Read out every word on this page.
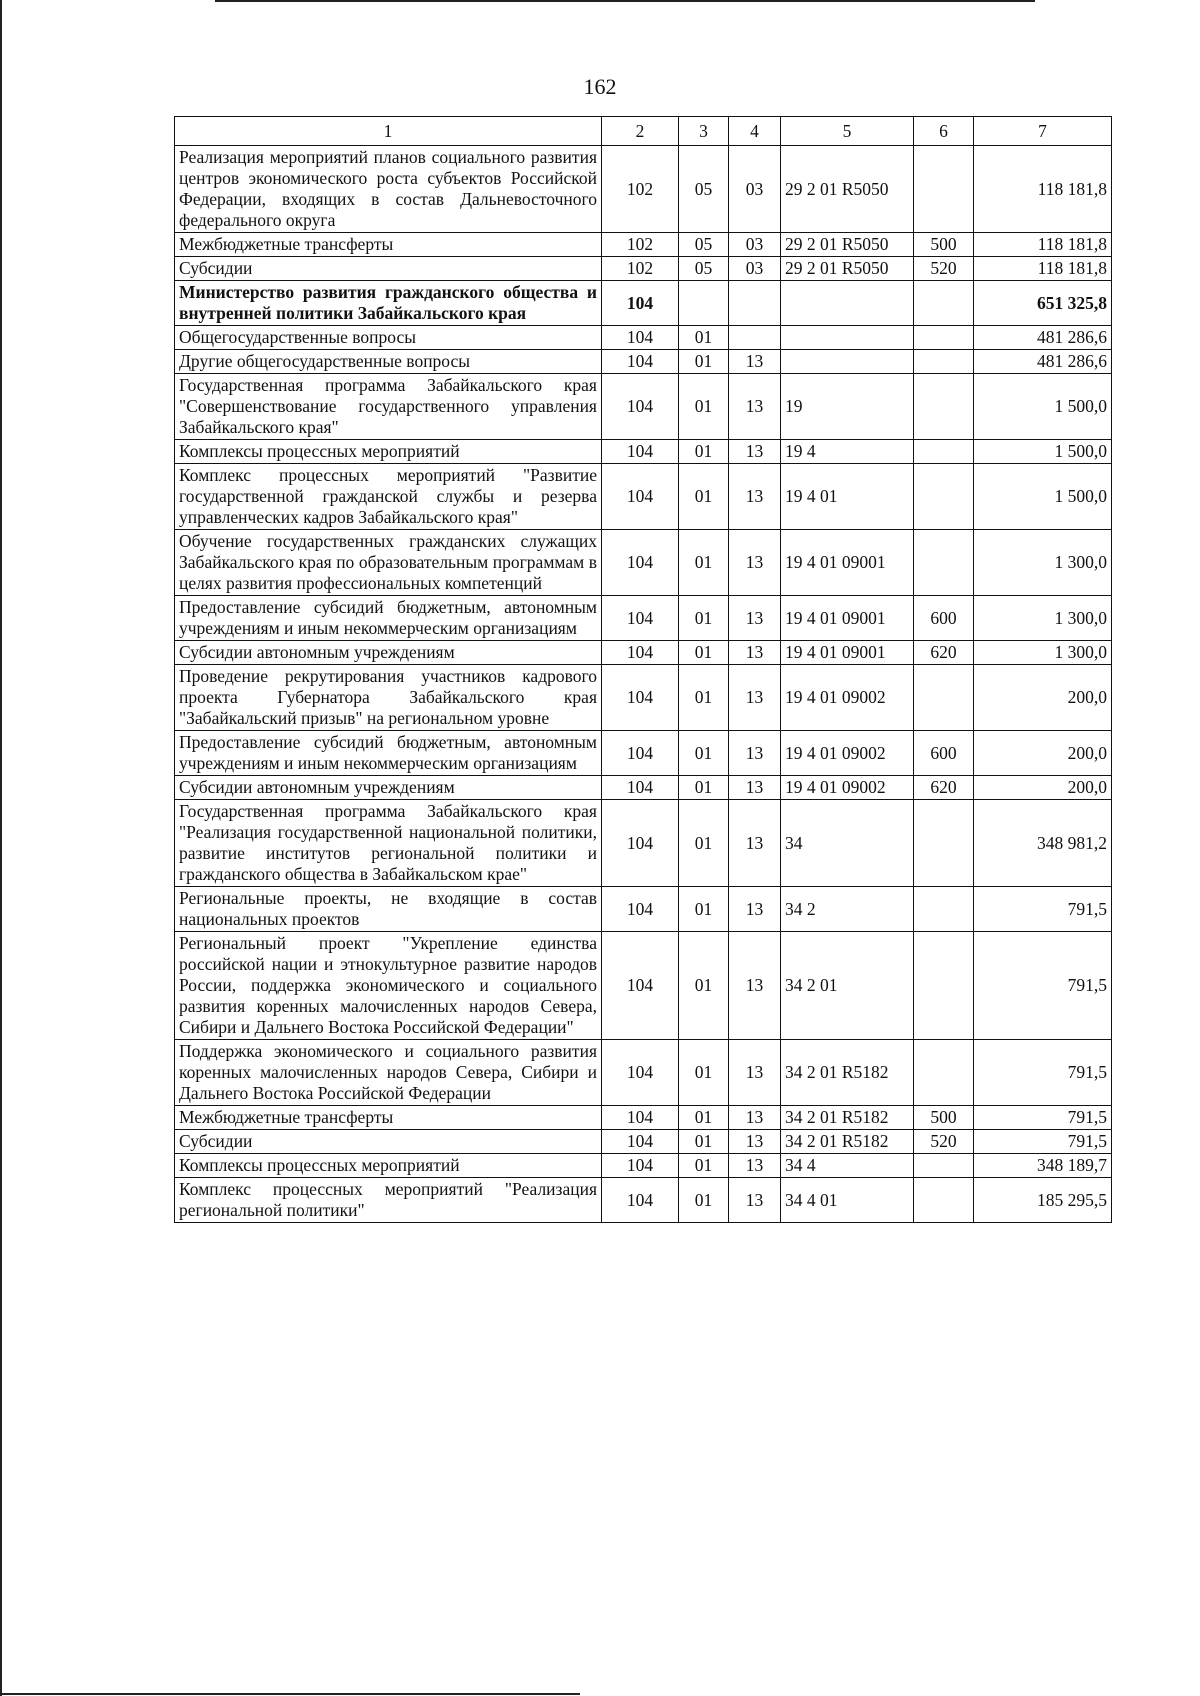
162
1	2	3	4	5	6	7
Реализация мероприятий планов социального развития центров экономического роста субъектов Российской Федерации, входящих в состав Дальневосточного федерального округа	102	05	03	29 2 01 R5050		118 181,8
Межбюджетные трансферты	102	05	03	29 2 01 R5050	500	118 181,8
Субсидии	102	05	03	29 2 01 R5050	520	118 181,8
Министерство развития гражданского общества и внутренней политики Забайкальского края	104					651 325,8
Общегосударственные вопросы	104	01				481 286,6
Другие общегосударственные вопросы	104	01	13			481 286,6
Государственная программа Забайкальского края "Совершенствование государственного управления Забайкальского края"	104	01	13	19		1 500,0
Комплексы процессных мероприятий	104	01	13	19 4		1 500,0
Комплекс процессных мероприятий "Развитие государственной гражданской службы и резерва управленческих кадров Забайкальского края"	104	01	13	19 4 01		1 500,0
Обучение государственных гражданских служащих Забайкальского края по образовательным программам в целях развития профессиональных компетенций	104	01	13	19 4 01 09001		1 300,0
Предоставление субсидий бюджетным, автономным учреждениям и иным некоммерческим организациям	104	01	13	19 4 01 09001	600	1 300,0
Субсидии автономным учреждениям	104	01	13	19 4 01 09001	620	1 300,0
Проведение рекрутирования участников кадрового проекта Губернатора Забайкальского края "Забайкальский призыв" на региональном уровне	104	01	13	19 4 01 09002		200,0
Предоставление субсидий бюджетным, автономным учреждениям и иным некоммерческим организациям	104	01	13	19 4 01 09002	600	200,0
Субсидии автономным учреждениям	104	01	13	19 4 01 09002	620	200,0
Государственная программа Забайкальского края "Реализация государственной национальной политики, развитие институтов региональной политики и гражданского общества в Забайкальском крае"	104	01	13	34		348 981,2
Региональные проекты, не входящие в состав национальных проектов	104	01	13	34 2		791,5
Региональный проект "Укрепление единства российской нации и этнокультурное развитие народов России, поддержка экономического и социального развития коренных малочисленных народов Севера, Сибири и Дальнего Востока Российской Федерации"	104	01	13	34 2 01		791,5
Поддержка экономического и социального развития коренных малочисленных народов Севера, Сибири и Дальнего Востока Российской Федерации	104	01	13	34 2 01 R5182		791,5
Межбюджетные трансферты	104	01	13	34 2 01 R5182	500	791,5
Субсидии	104	01	13	34 2 01 R5182	520	791,5
Комплексы процессных мероприятий	104	01	13	34 4		348 189,7
Комплекс процессных мероприятий "Реализация региональной политики"	104	01	13	34 4 01		185 295,5
